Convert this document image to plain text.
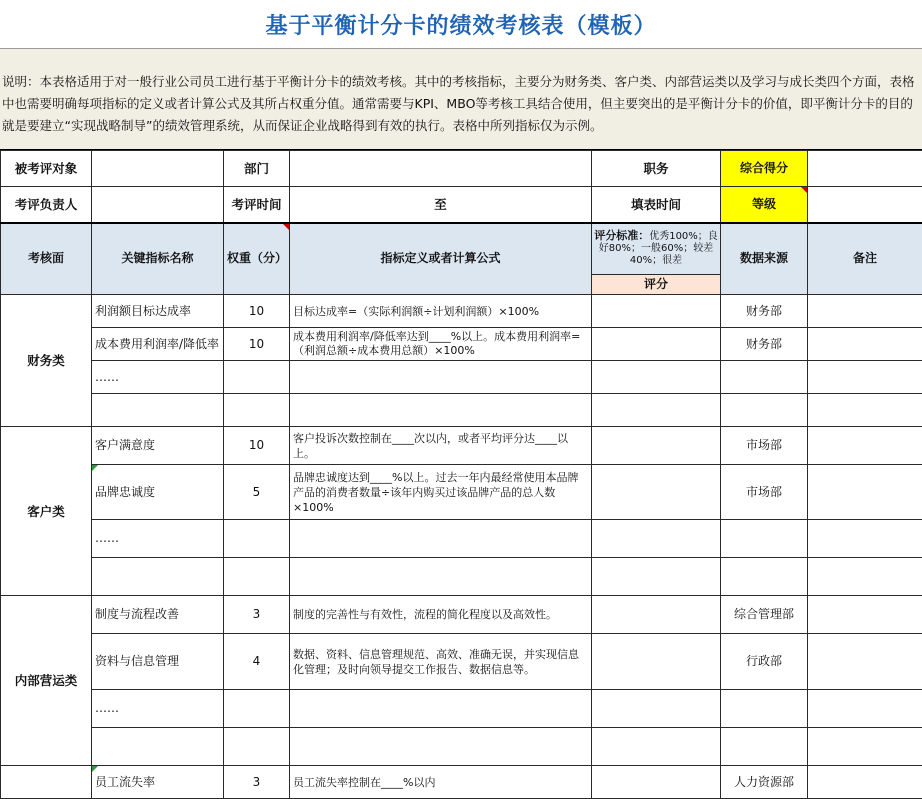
基于平衡计分卡的绩效考核表（模板）
说明：本表格适用于对一般行业公司员工进行基于平衡计分卡的绩效考核。其中的考核指标，主要分为财务类、客户类、内部营运类以及学习与成长类四个方面，表格中也需要明确每项指标的定义或者计算公式及其所占权重分值。通常需要与KPI、MBO等考核工具结合使用，但主要突出的是平衡计分卡的价值，即平衡计分卡的目的就是要建立“实现战略制导”的绩效管理系统，从而保证企业战略得到有效的执行。表格中所列指标仅为示例。
被考评对象		部门		职务	综合得分	
考评负责人		考评时间	至	填表时间	等级	
考核面	关键指标名称	权重（分）	指标定义或者计算公式	评分标准：优秀100%；良好80%；一般60%；较差40%；很差	数据来源	备注
				评分		
财务类	利润额目标达成率	10	目标达成率=（实际利润额÷计划利润额）×100%		财务部	
	成本费用利润率/降低率	10	成本费用利润率/降低率达到____%以上。成本费用利润率=（利润总额÷成本费用总额）×100%		财务部	
	……					

客户类	客户满意度	10	客户投诉次数控制在____次以内，或者平均评分达____以上。		市场部	
	品牌忠诚度	5	品牌忠诚度达到____%以上。过去一年内最经常使用本品牌产品的消费者数量÷该年内购买过该品牌产品的总人数×100%		市场部	
	……					

内部营运类	制度与流程改善	3	制度的完善性与有效性，流程的简化程度以及高效性。		综合管理部	
	资料与信息管理	4	数据、资料、信息管理规范、高效、准确无误，并实现信息化管理；及时向领导提交工作报告、数据信息等。		行政部	
	……					

	员工流失率	3	员工流失率控制在____%以内		人力资源部	
